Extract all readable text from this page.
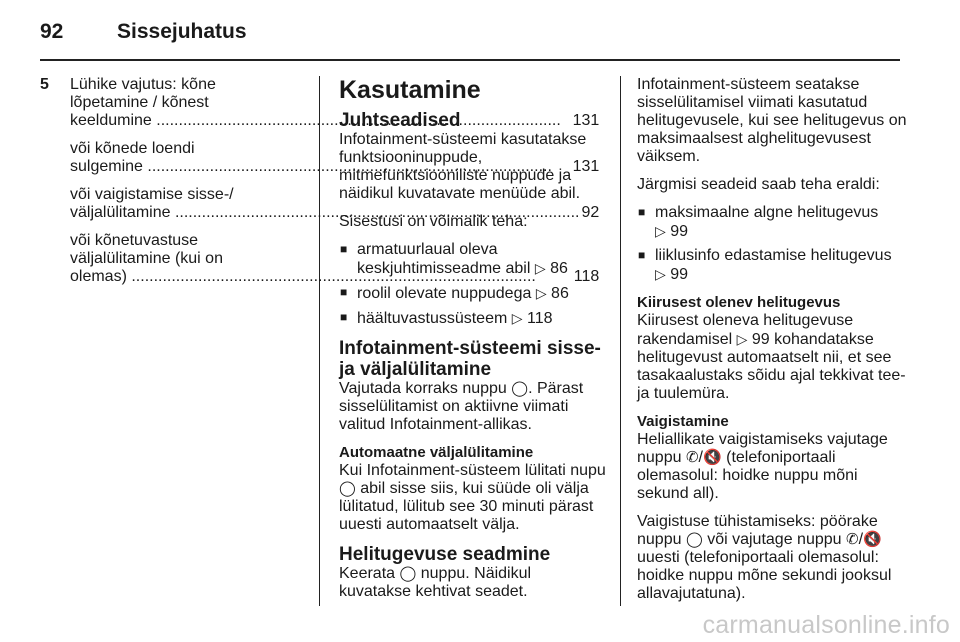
92	Sissejuhatus
5	Lühike vajutus: kõne
lõpetamine / kõnest
keeldumine .....	131
või kõnede loendi
sulgemine .....	131
või vaigistamise sisse-/
väljalülitamine .....	92
või kõnetuvastuse
väljalülitamine (kui on
olemas) .....	118
Kasutamine
Juhtseadised

Infotainment-süsteemi kasutatakse funktsiooninuppude, mitmefunktsiooniliste nuppude ja näidikul kuvatavate menüüde abil.

Sisestusi on võimalik teha:

■ armatuurlaual oleva keskjuhtimisseadme abil ▷ 86
■ roolil olevate nuppudega ▷ 86
■ häältuvastussüsteem ▷ 118
Infotainment-süsteemi sisse- ja väljalülitamine

Vajutada korraks nuppu ◯. Pärast sisselülitamist on aktiivne viimati valitud Infotainment-allikas.

Automaatne väljalülitamine

Kui Infotainment-süsteem lülitati nupu ◯ abil sisse siis, kui süüde oli välja lülitatud, lülitub see 30 minuti pärast uuesti automaatselt välja.

Helitugevuse seadmine

Keerata ◯ nuppu. Näidikul kuvatakse kehtivat seadet.

Infotainment-süsteem seatakse sisselülitamisel viimati kasutatud helitugevusele, kui see helitugevus on maksimaalsest alghelitugevusest väiksem.

Järgmisi seadeid saab teha eraldi:

■ maksimaalne algne helitugevus
▷ 99
■ liiklusinfo edastamise helitugevus
▷ 99
Kiirusest olenev helitugevus

Kiirusest oleneva helitugevuse rakendamisel ▷ 99 kohandatakse helitugevust automaatselt nii, et see tasakaalustaks sõidu ajal tekkivat tee- ja tuulemüra.

Vaigistamine

Heliallikate vaigistamiseks vajutage nuppu ✆/🔇 (telefoniportaali olemasolul: hoidke nuppu mõni sekund all).

Vaigistuse tühistamiseks: pöörake nuppu ◯ või vajutage nuppu ✆/🔇 uuesti (telefoniportaali olemasolul: hoidke nuppu mõne sekundi jooksul allavajutatuna).

carmanualsonline.info
